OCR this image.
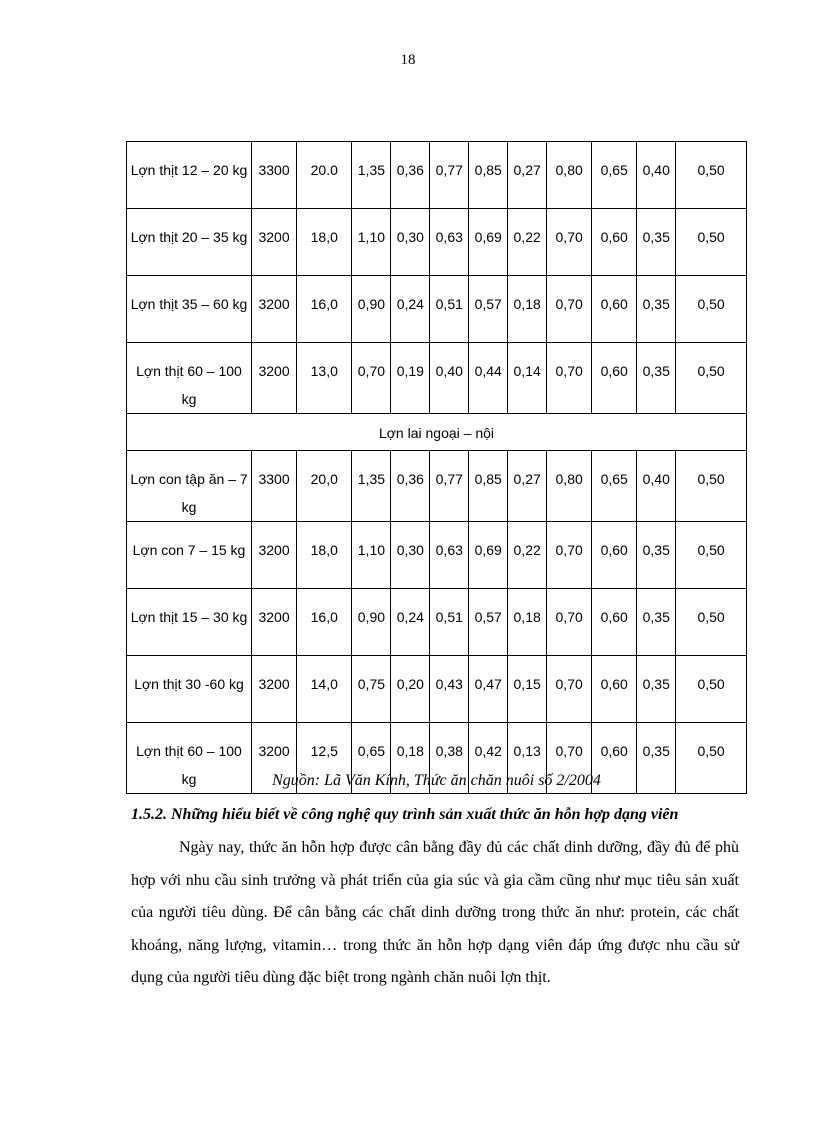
18
Lợn thịt 12 – 20 kg	3300	20.0	1,35	0,36	0,77	0,85	0,27	0,80	0,65	0,40	0,50
Lợn thịt 20 – 35 kg	3200	18,0	1,10	0,30	0,63	0,69	0,22	0,70	0,60	0,35	0,50
Lợn thịt 35 – 60 kg	3200	16,0	0,90	0,24	0,51	0,57	0,18	0,70	0,60	0,35	0,50
Lợn thịt 60 – 100 kg	3200	13,0	0,70	0,19	0,40	0,44	0,14	0,70	0,60	0,35	0,50
Lợn lai ngoại – nội											
Lợn con tập ăn – 7 kg	3300	20,0	1,35	0,36	0,77	0,85	0,27	0,80	0,65	0,40	0,50
Lợn con 7 – 15 kg	3200	18,0	1,10	0,30	0,63	0,69	0,22	0,70	0,60	0,35	0,50
Lợn thịt 15 – 30 kg	3200	16,0	0,90	0,24	0,51	0,57	0,18	0,70	0,60	0,35	0,50
Lợn thịt 30 -60 kg	3200	14,0	0,75	0,20	0,43	0,47	0,15	0,70	0,60	0,35	0,50
Lợn thịt 60 – 100 kg	3200	12,5	0,65	0,18	0,38	0,42	0,13	0,70	0,60	0,35	0,50
Nguồn: Lã Văn Kính, Thức ăn chăn nuôi số 2/2004
1.5.2. Những hiểu biết về công nghệ quy trình sản xuất thức ăn hỗn hợp dạng viên

Ngày nay, thức ăn hỗn hợp được cân bằng đầy đủ các chất dinh dưỡng, đầy đủ để phù hợp với nhu cầu sinh trưởng và phát triển của gia súc và gia cầm cũng như mục tiêu sản xuất của người tiêu dùng. Để cân bằng các chất dinh dưỡng trong thức ăn như: protein, các chất khoáng, năng lượng, vitamin… trong thức ăn hỗn hợp dạng viên đáp ứng được nhu cầu sử dụng của người tiêu dùng đặc biệt trong ngành chăn nuôi lợn thịt.
